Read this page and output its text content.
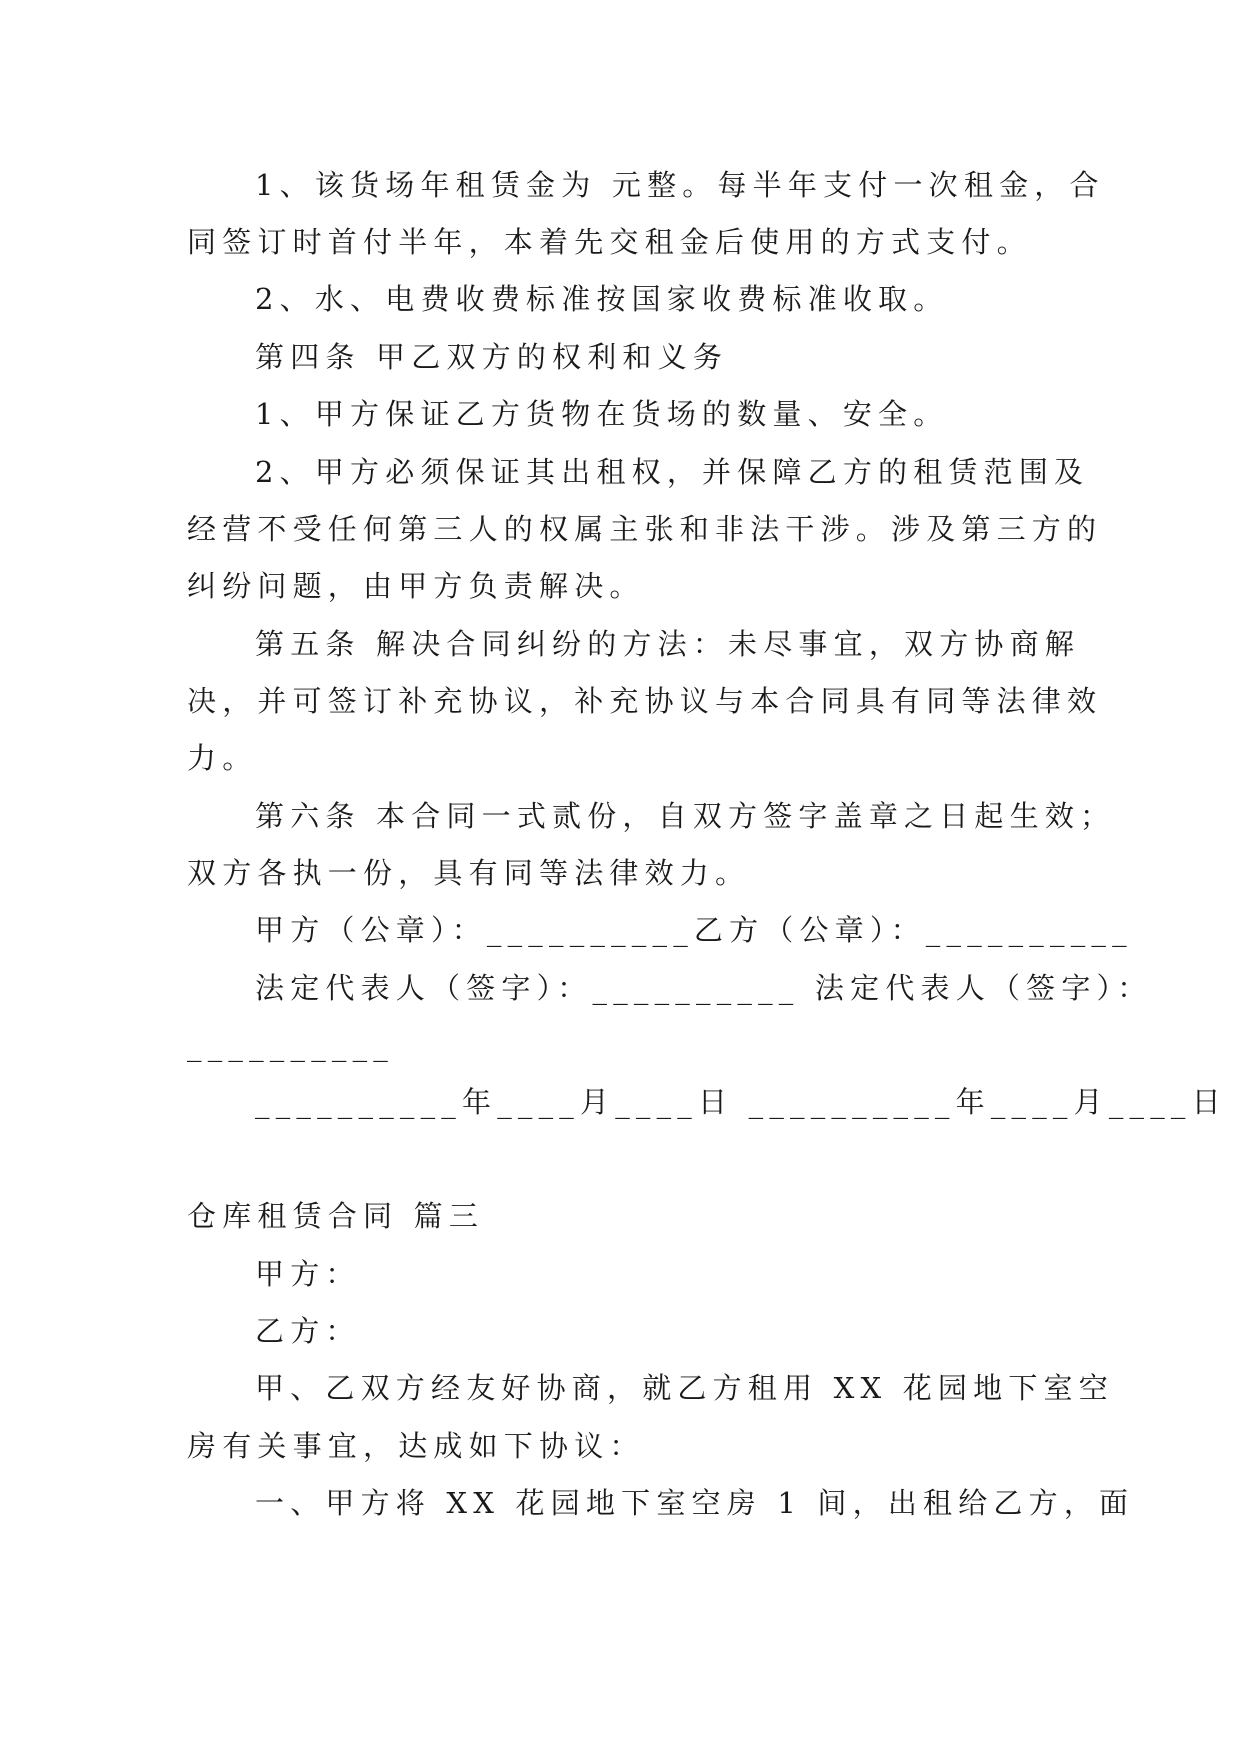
1、该货场年租赁金为 元整。每半年支付一次租金，合
同签订时首付半年，本着先交租金后使用的方式支付。
2、水、电费收费标准按国家收费标准收取。
第四条 甲乙双方的权利和义务
1、甲方保证乙方货物在货场的数量、安全。
2、甲方必须保证其出租权，并保障乙方的租赁范围及
经营不受任何第三人的权属主张和非法干涉。涉及第三方的
纠纷问题，由甲方负责解决。
第五条 解决合同纠纷的方法：未尽事宜，双方协商解
决，并可签订补充协议，补充协议与本合同具有同等法律效
力。
第六条 本合同一式贰份，自双方签字盖章之日起生效；
双方各执一份，具有同等法律效力。
甲方（公章）：__________乙方（公章）：__________
法定代表人（签字）：__________ 法定代表人（签字）：
__________
__________年____月____日 __________年____月____日
仓库租赁合同 篇三
甲方：
乙方：
甲、乙双方经友好协商，就乙方租用 XX 花园地下室空
房有关事宜，达成如下协议：
一、甲方将 XX 花园地下室空房 1 间，出租给乙方，面
